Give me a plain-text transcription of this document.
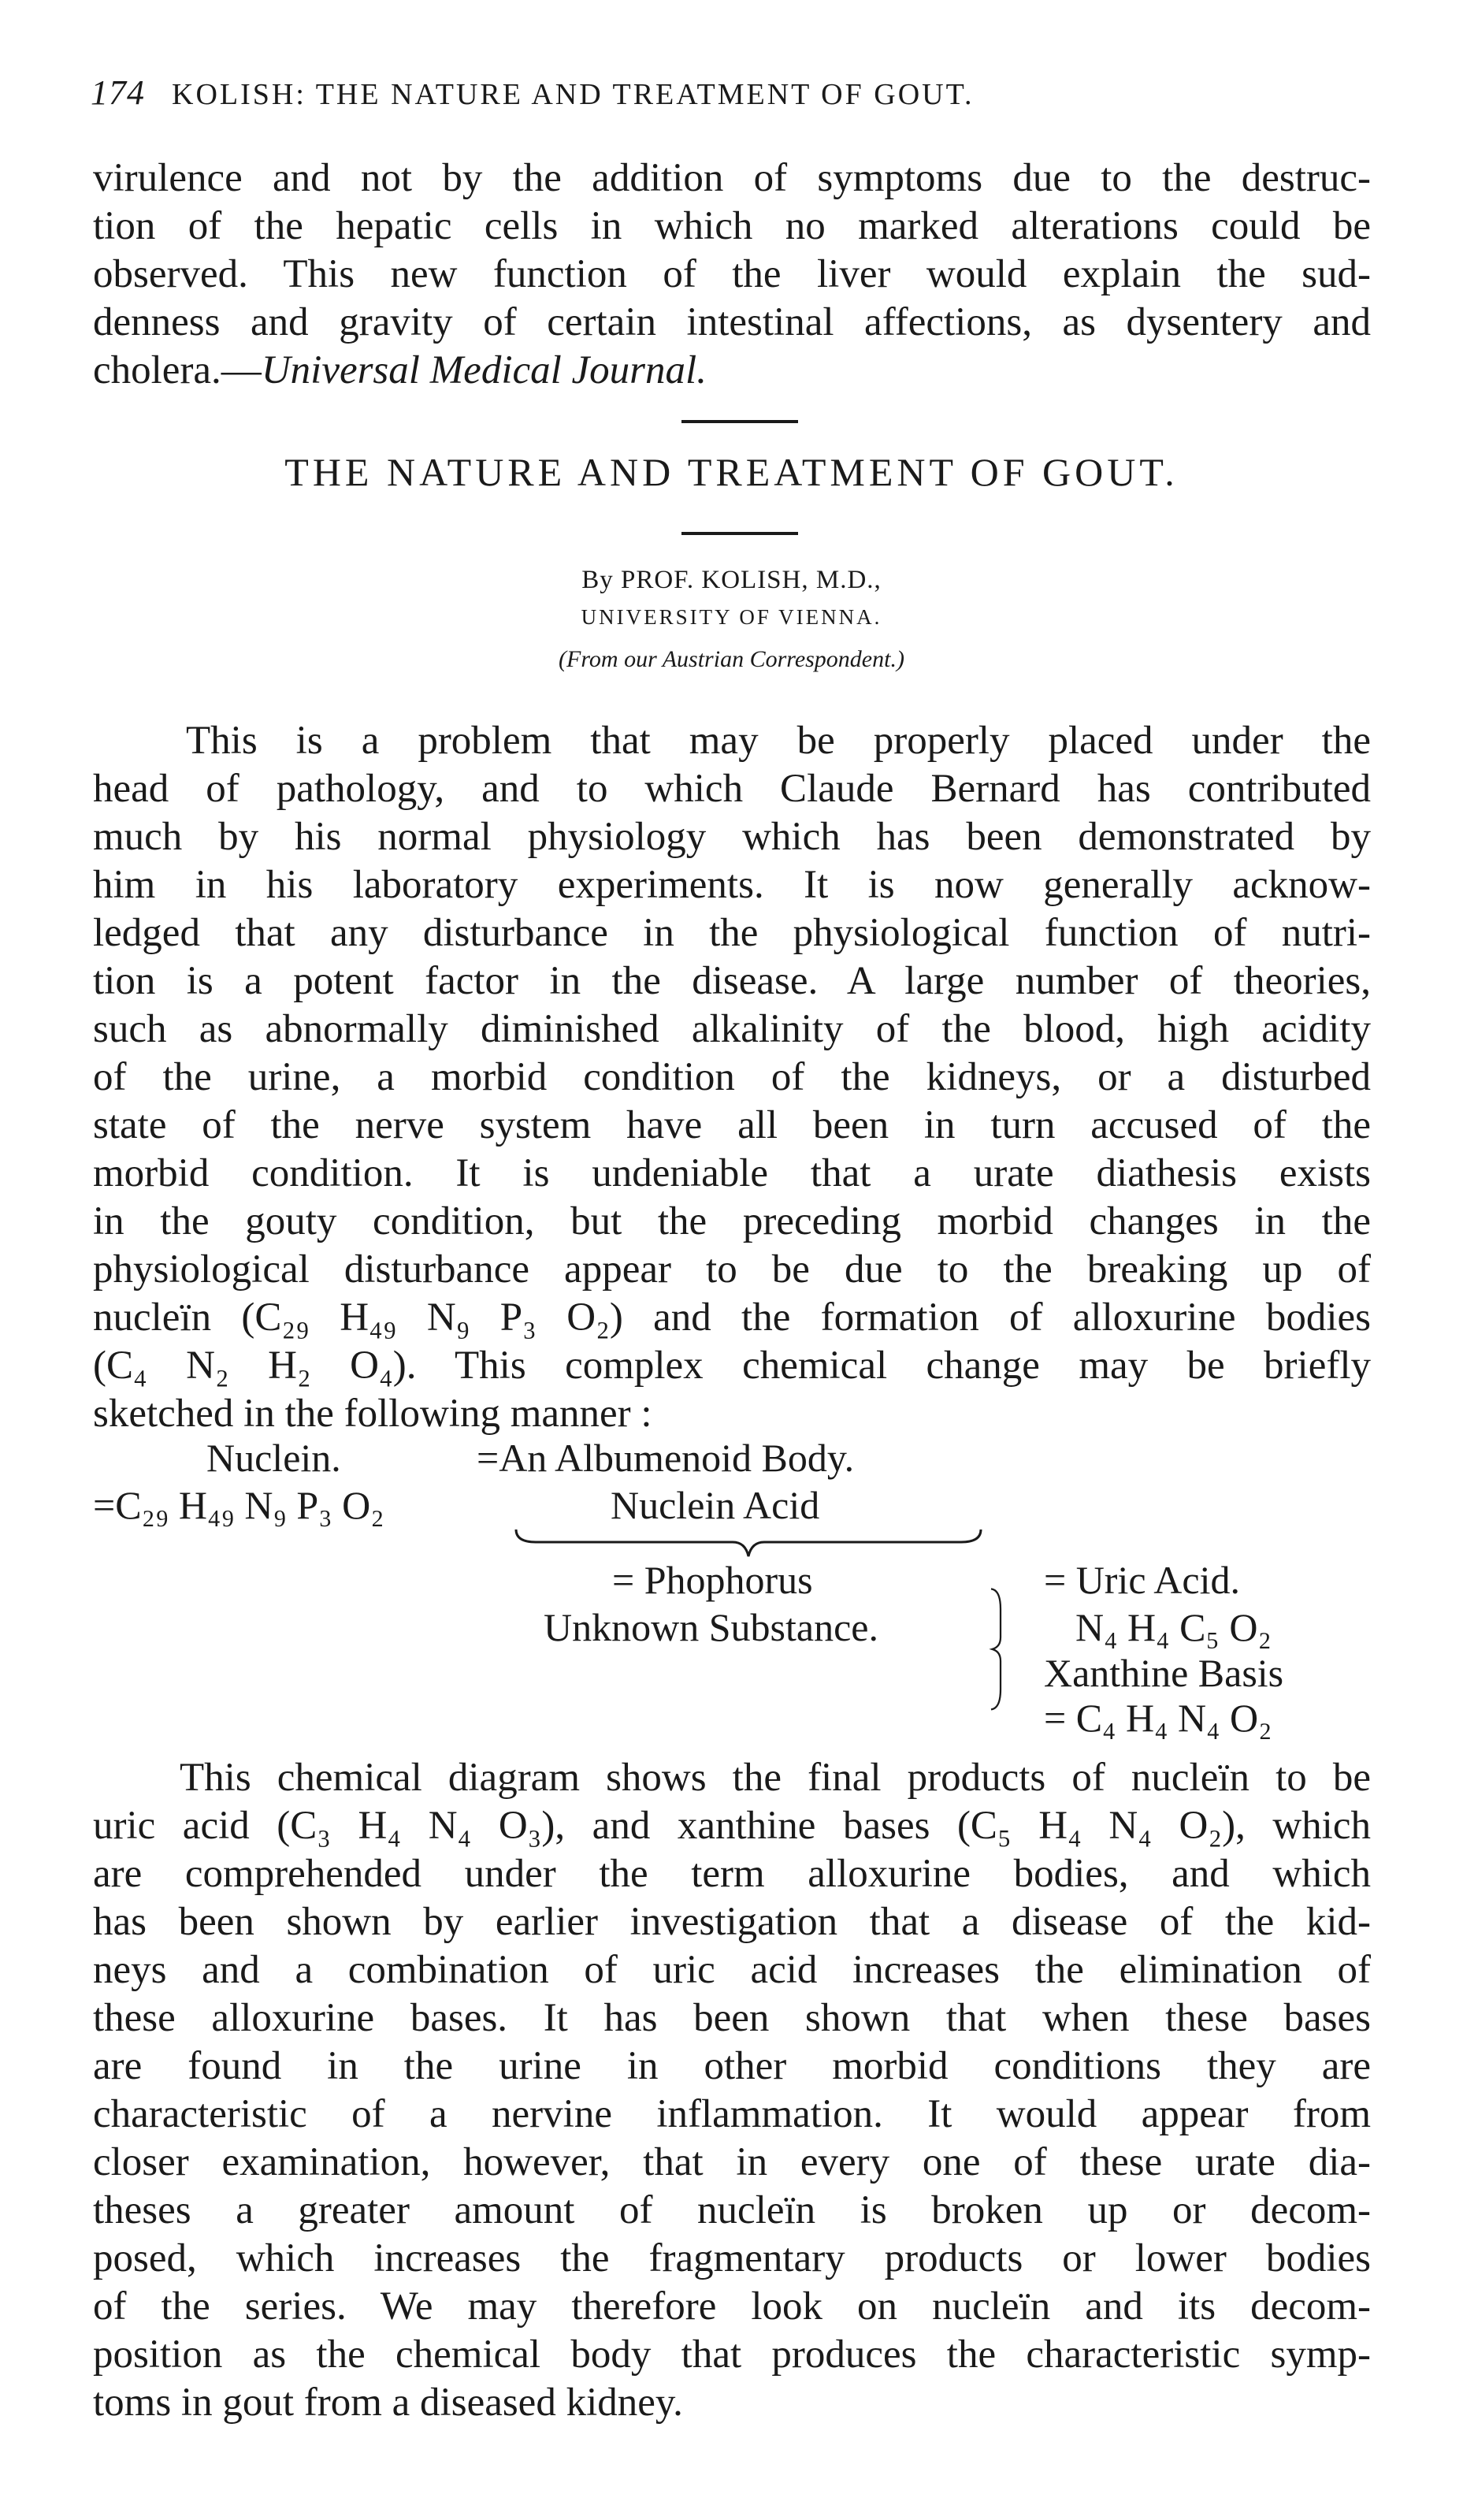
174 KOLISH: THE NATURE AND TREATMENT OF GOUT.
virulence and not by the addition of symptoms due to the destruc-
tion of the hepatic cells in which no marked alterations could be
observed. This new function of the liver would explain the sud-
denness and gravity of certain intestinal affections, as dysentery and
cholera.—Universal Medical Journal.
THE NATURE AND TREATMENT OF GOUT.
By PROF. KOLISH, M.D.,
UNIVERSITY OF VIENNA.
(From our Austrian Correspondent.)
This is a problem that may be properly placed under the
head of pathology, and to which Claude Bernard has contributed
much by his normal physiology which has been demonstrated by
him in his laboratory experiments. It is now generally acknow-
ledged that any disturbance in the physiological function of nutri-
tion is a potent factor in the disease. A large number of theories,
such as abnormally diminished alkalinity of the blood, high acidity
of the urine, a morbid condition of the kidneys, or a disturbed
state of the nerve system have all been in turn accused of the
morbid condition. It is undeniable that a urate diathesis exists
in the gouty condition, but the preceding morbid changes in the
physiological disturbance appear to be due to the breaking up of
nucleïn (C₂₉ H₄₉ N₉ P₃ O₂) and the formation of alloxurine bodies
(C₄ N₂ H₂ O₄). This complex chemical change may be briefly
sketched in the following manner :
Nuclein.	=An Albumenoid Body.
=C₂₉ H₄₉ N₉ P₃ O₂	Nuclein Acid
= Phophorus
Unknown Substance.
= Uric Acid.
N₄ H₄ C₅ O₂
Xanthine Basis
= C₄ H₄ N₄ O₂
This chemical diagram shows the final products of nucleïn to be
uric acid (C₃ H₄ N₄ O₃), and xanthine bases (C₅ H₄ N₄ O₂), which
are comprehended under the term alloxurine bodies, and which
has been shown by earlier investigation that a disease of the kid-
neys and a combination of uric acid increases the elimination of
these alloxurine bases. It has been shown that when these bases
are found in the urine in other morbid conditions they are
characteristic of a nervine inflammation. It would appear from
closer examination, however, that in every one of these urate dia-
theses a greater amount of nucleïn is broken up or decom-
posed, which increases the fragmentary products or lower bodies
of the series. We may therefore look on nucleïn and its decom-
position as the chemical body that produces the characteristic symp-
toms in gout from a diseased kidney.
